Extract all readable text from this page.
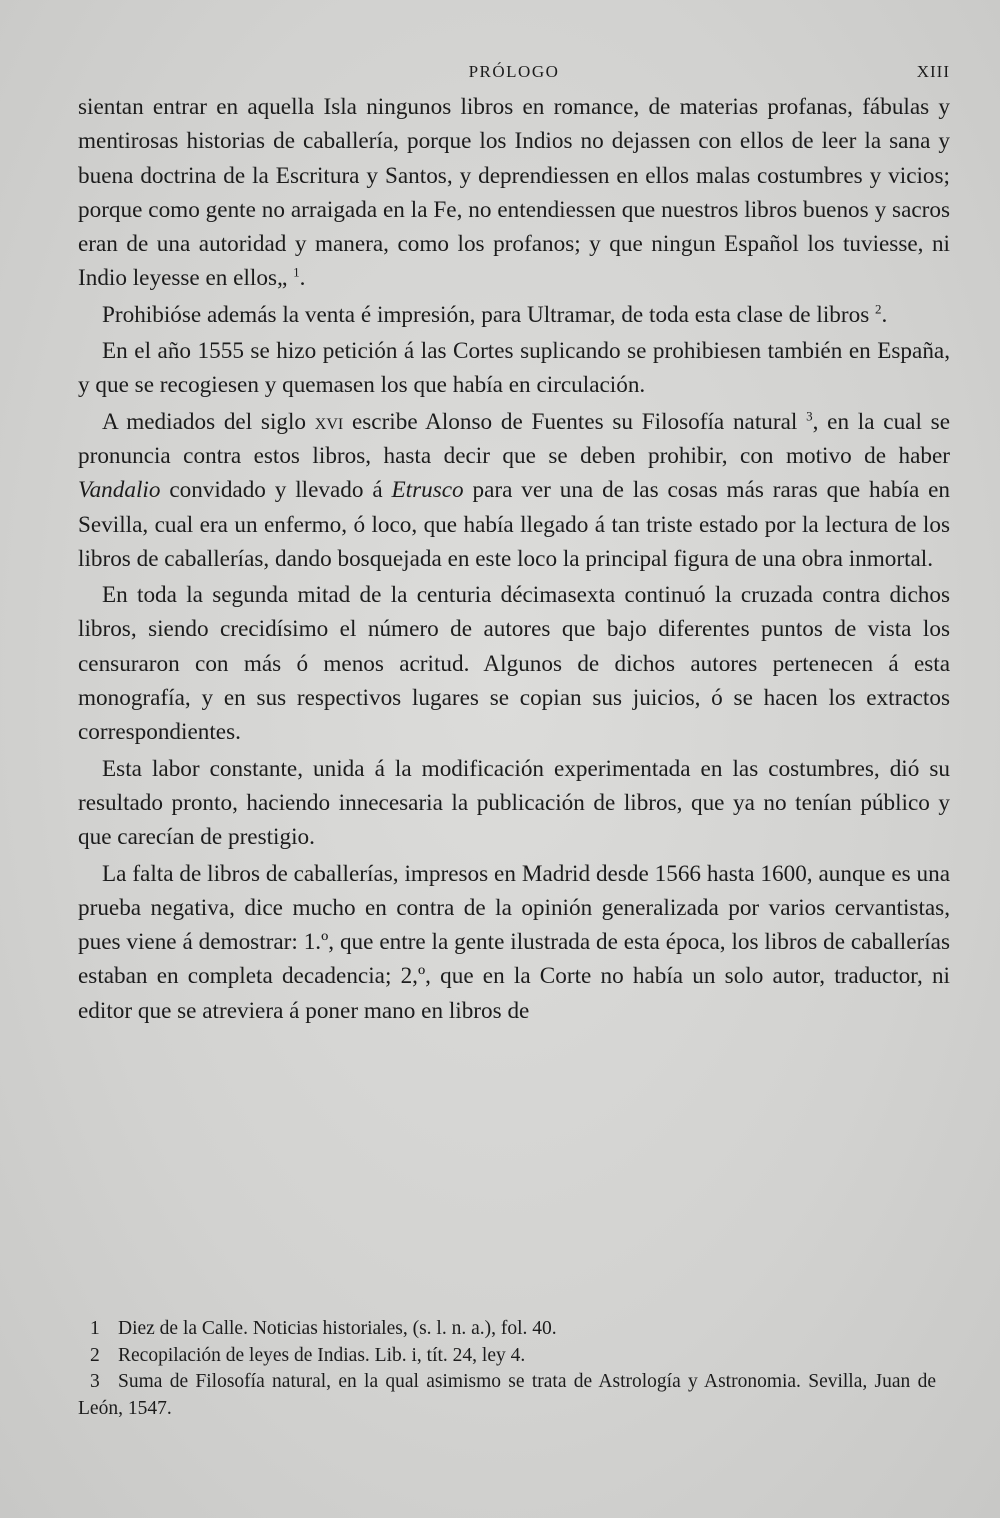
PRÓLOGO	XIII

sientan entrar en aquella Isla ningunos libros en romance, de materias profanas, fábulas y mentirosas historias de caballería, porque los Indios no dejassen con ellos de leer la sana y buena doctrina de la Escritura y Santos, y deprendiessen en ellos malas costumbres y vicios; porque como gente no arraigada en la Fe, no entendiessen que nuestros libros buenos y sacros eran de una autoridad y manera, como los profanos; y que ningun Español los tuviesse, ni Indio leyesse en ellos„ $^1$.

Prohibióse además la venta é impresión, para Ultramar, de toda esta clase de libros $^2$.

En el año 1555 se hizo petición á las Cortes suplicando se prohibiesen también en España, y que se recogiesen y quemasen los que había en circulación.

A mediados del siglo xvi escribe Alonso de Fuentes su Filosofía natural $^3$, en la cual se pronuncia contra estos libros, hasta decir que se deben prohibir, con motivo de haber Vandalio convidado y llevado á Etrusco para ver una de las cosas más raras que había en Sevilla, cual era un enfermo, ó loco, que había llegado á tan triste estado por la lectura de los libros de caballerías, dando bosquejada en este loco la principal figura de una obra inmortal.

En toda la segunda mitad de la centuria décimasexta continuó la cruzada contra dichos libros, siendo crecidísimo el número de autores que bajo diferentes puntos de vista los censuraron con más ó menos acritud. Algunos de dichos autores pertenecen á esta monografía, y en sus respectivos lugares se copian sus juicios, ó se hacen los extractos correspondientes.

Esta labor constante, unida á la modificación experimentada en las costumbres, dió su resultado pronto, haciendo innecesaria la publicación de libros, que ya no tenían público y que carecían de prestigio.

La falta de libros de caballerías, impresos en Madrid desde 1566 hasta 1600, aunque es una prueba negativa, dice mucho en contra de la opinión generalizada por varios cervantistas, pues viene á demostrar: 1.º, que entre la gente ilustrada de esta época, los libros de caballerías estaban en completa decadencia; 2,º, que en la Corte no había un solo autor, traductor, ni editor que se atreviera á poner mano en libros de

1 Diez de la Calle. Noticias historiales, (s. l. n. a.), fol. 40.

2 Recopilación de leyes de Indias. Lib. i, tít. 24, ley 4.

3 Suma de Filosofía natural, en la qual asimismo se trata de Astrología y Astronomia. Sevilla, Juan de León, 1547.
